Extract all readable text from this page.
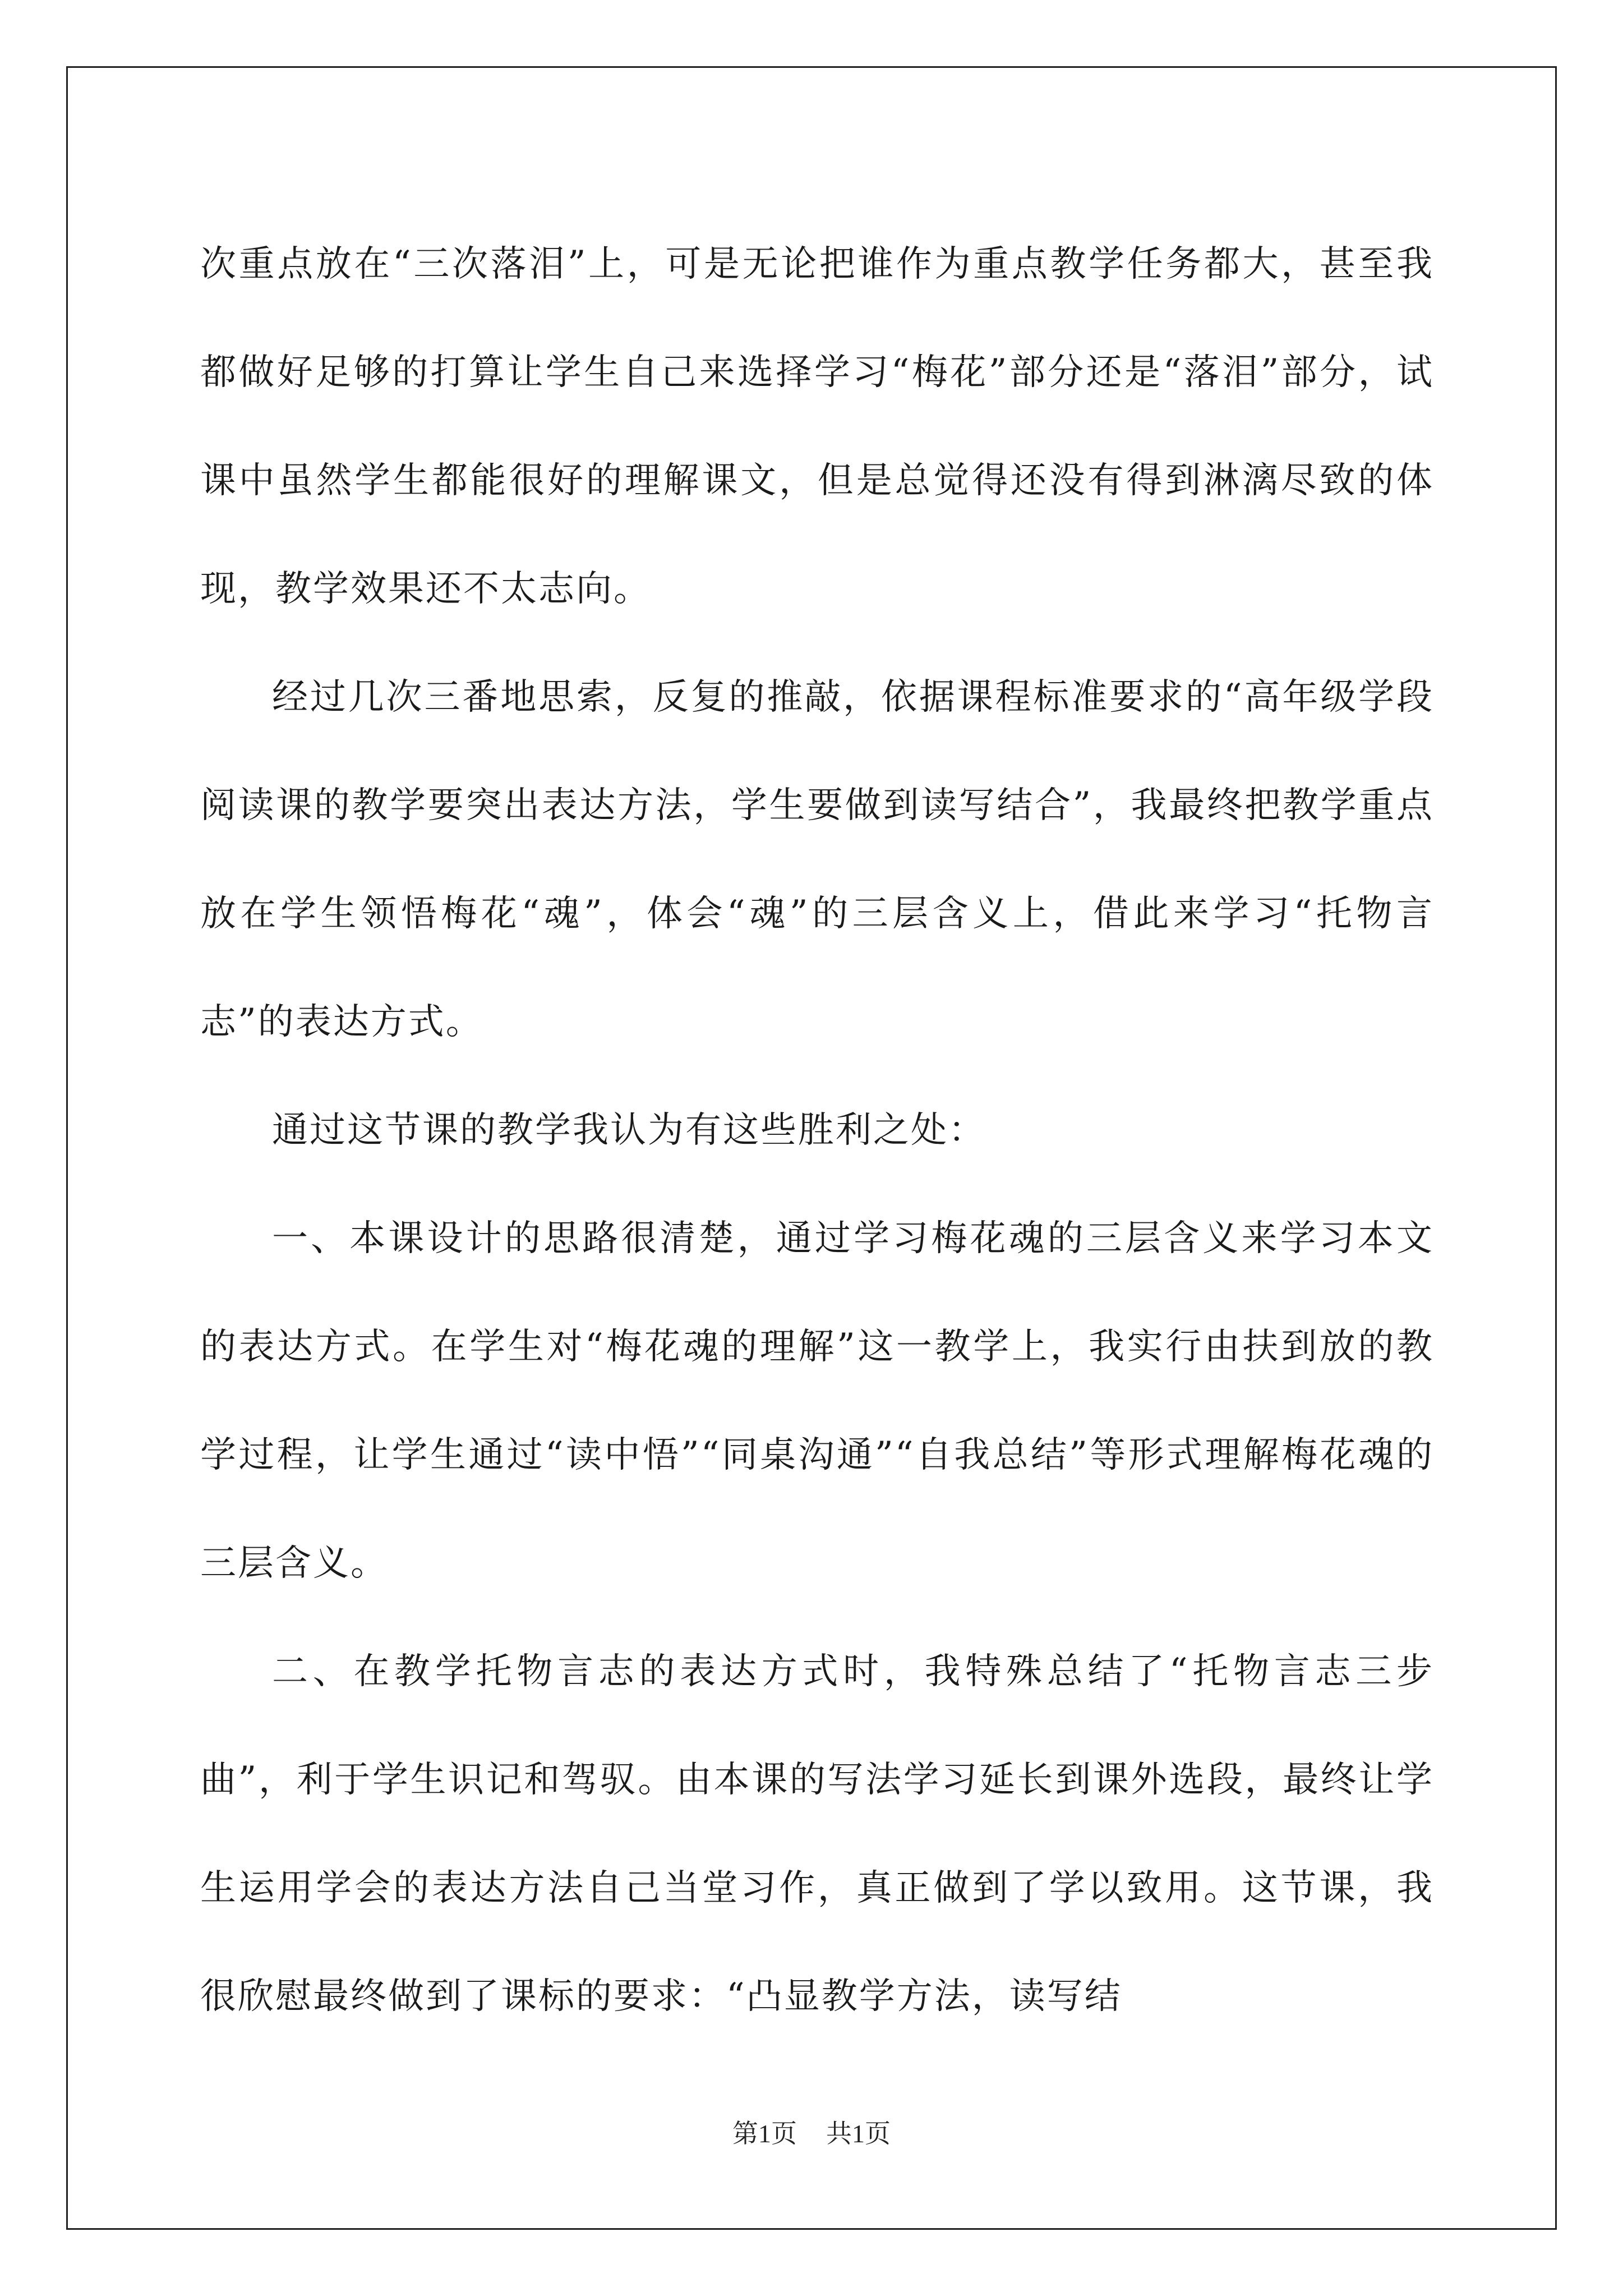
次重点放在“三次落泪”上，可是无论把谁作为重点教学任务都大，甚至我都做好足够的打算让学生自己来选择学习“梅花”部分还是“落泪”部分，试课中虽然学生都能很好的理解课文，但是总觉得还没有得到淋漓尽致的体现，教学效果还不太志向。

经过几次三番地思索，反复的推敲，依据课程标准要求的“高年级学段阅读课的教学要突出表达方法，学生要做到读写结合”，我最终把教学重点放在学生领悟梅花“魂”，体会“魂”的三层含义上，借此来学习“托物言志”的表达方式。

通过这节课的教学我认为有这些胜利之处：

一、本课设计的思路很清楚，通过学习梅花魂的三层含义来学习本文的表达方式。在学生对“梅花魂的理解”这一教学上，我实行由扶到放的教学过程，让学生通过“读中悟”“同桌沟通”“自我总结”等形式理解梅花魂的三层含义。

二、在教学托物言志的表达方式时，我特殊总结了“托物言志三步曲”，利于学生识记和驾驭。由本课的写法学习延长到课外选段，最终让学生运用学会的表达方法自己当堂习作，真正做到了学以致用。这节课，我很欣慰最终做到了课标的要求：“凸显教学方法，读写结

第1页 共1页
